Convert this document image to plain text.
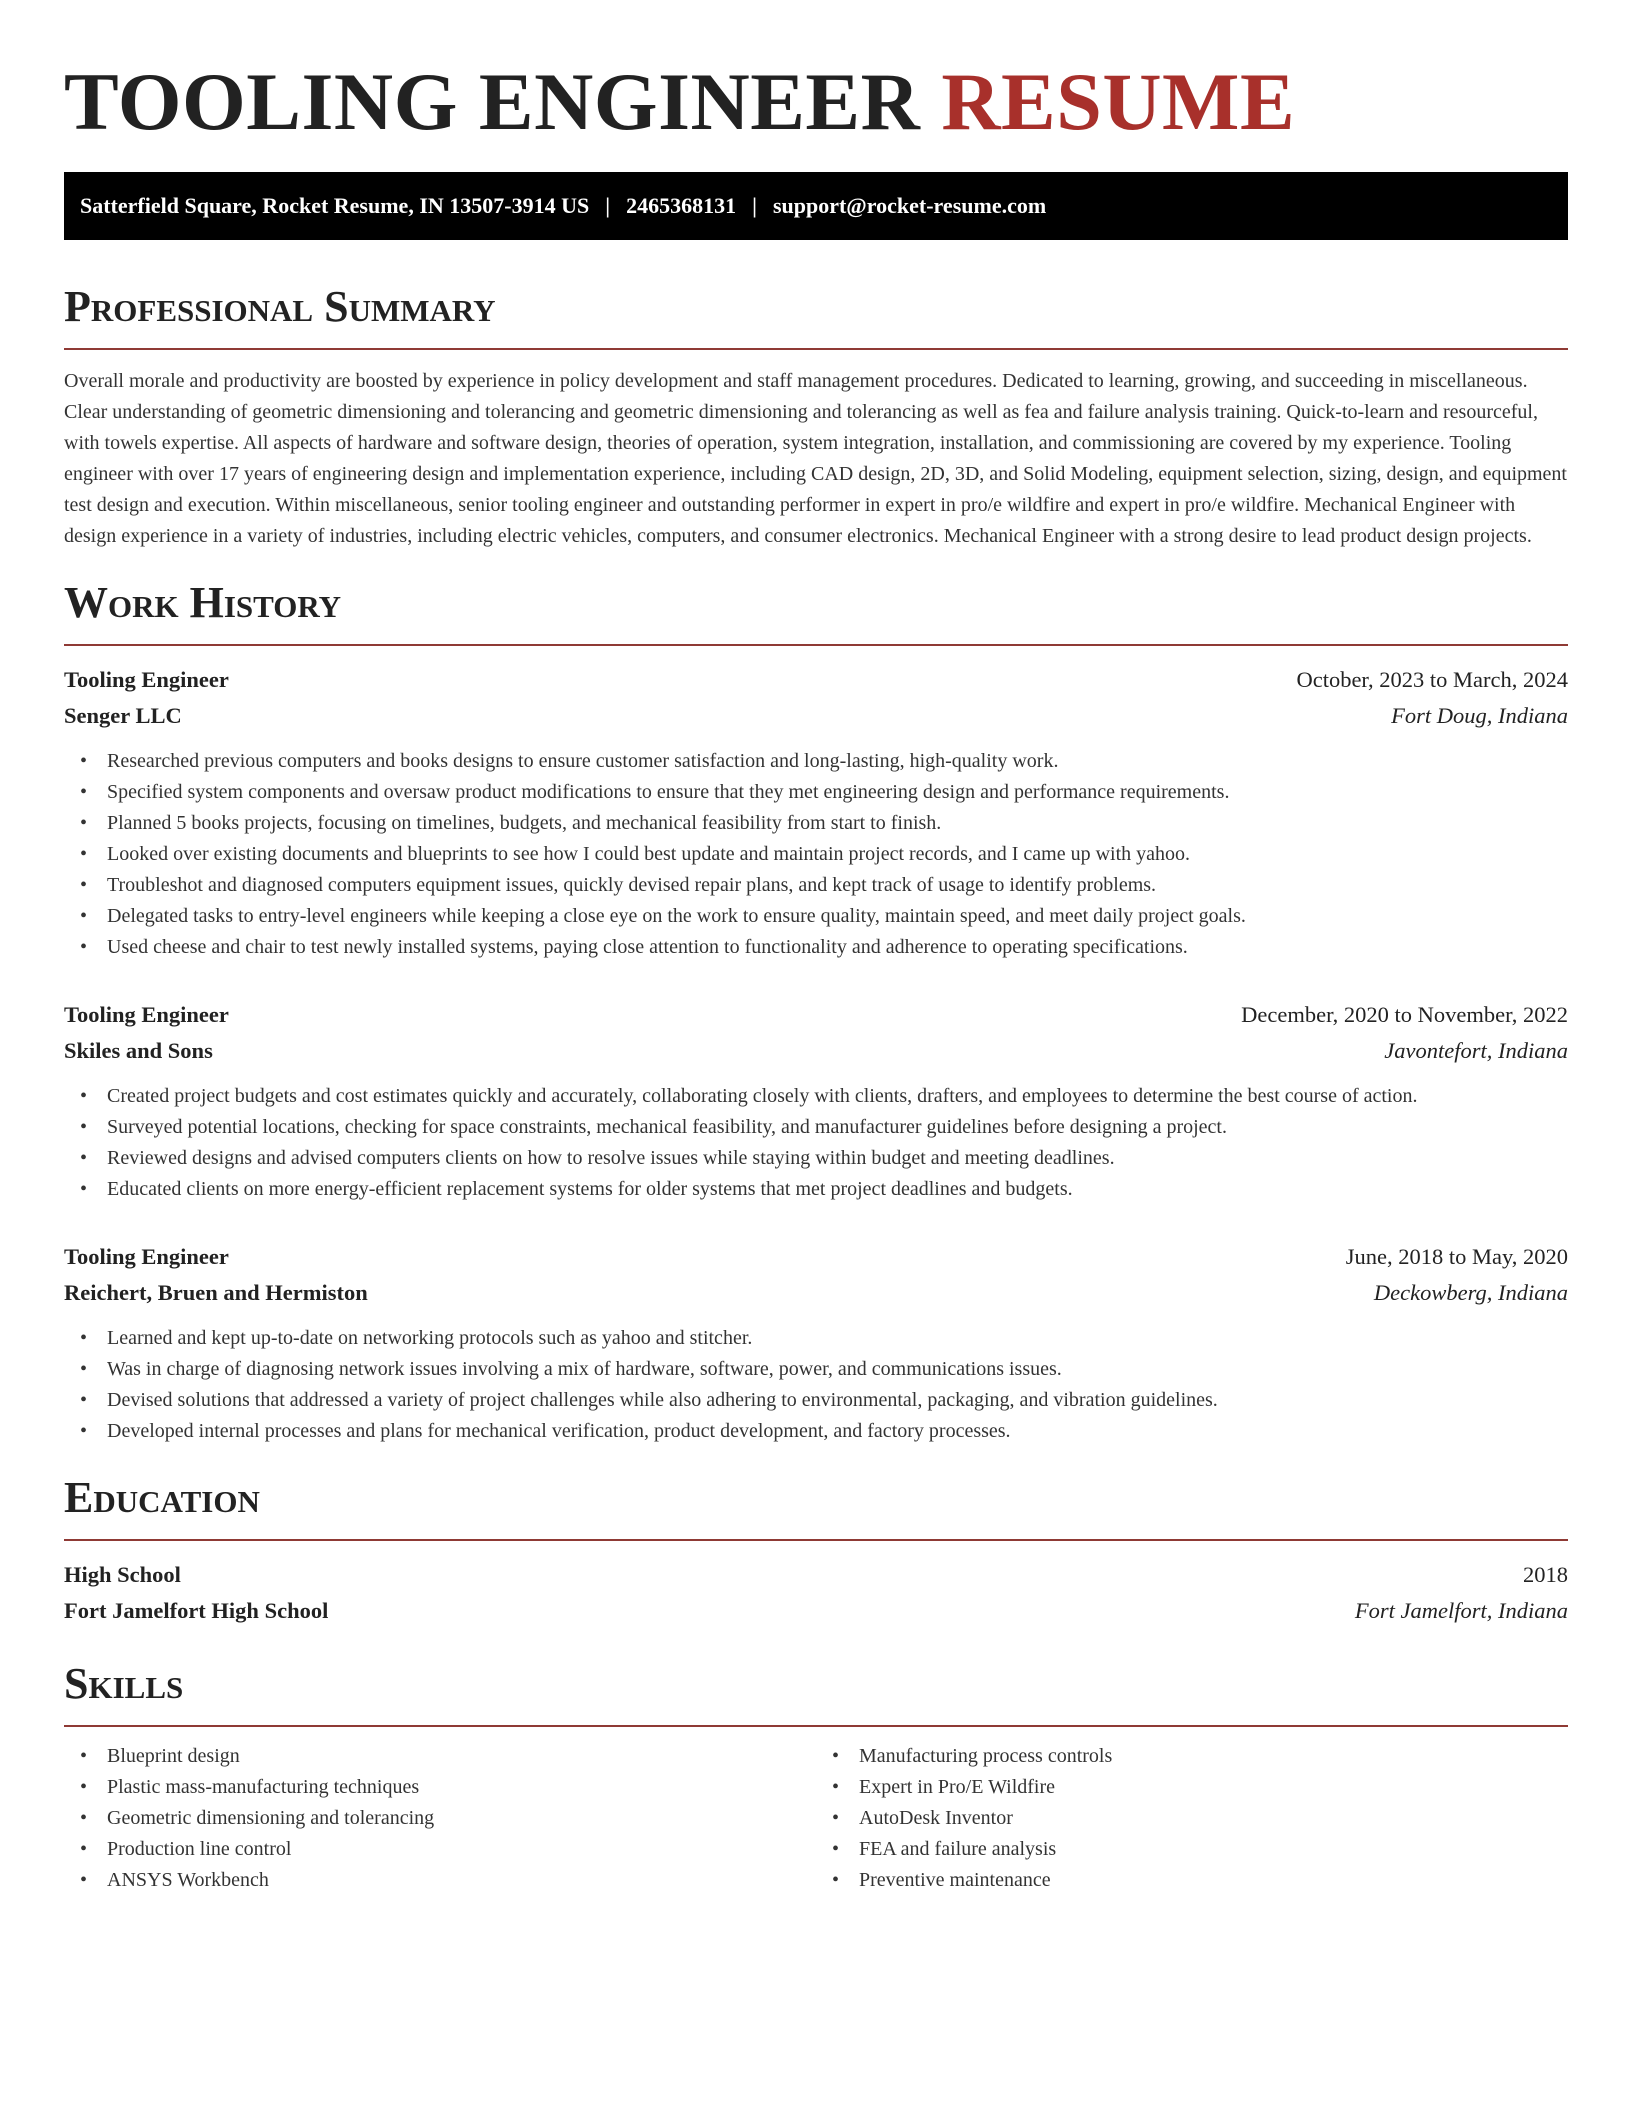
TOOLING ENGINEER RESUME
Satterfield Square, Rocket Resume, IN 13507-3914 US | 2465368131 | support@rocket-resume.com
Professional Summary
Overall morale and productivity are boosted by experience in policy development and staff management procedures. Dedicated to learning, growing, and succeeding in miscellaneous. Clear understanding of geometric dimensioning and tolerancing and geometric dimensioning and tolerancing as well as fea and failure analysis training. Quick-to-learn and resourceful, with towels expertise. All aspects of hardware and software design, theories of operation, system integration, installation, and commissioning are covered by my experience. Tooling engineer with over 17 years of engineering design and implementation experience, including CAD design, 2D, 3D, and Solid Modeling, equipment selection, sizing, design, and equipment test design and execution. Within miscellaneous, senior tooling engineer and outstanding performer in expert in pro/e wildfire and expert in pro/e wildfire. Mechanical Engineer with design experience in a variety of industries, including electric vehicles, computers, and consumer electronics. Mechanical Engineer with a strong desire to lead product design projects.
Work History
Tooling Engineer	October, 2023 to March, 2024
Senger LLC	Fort Doug, Indiana
• Researched previous computers and books designs to ensure customer satisfaction and long-lasting, high-quality work.
• Specified system components and oversaw product modifications to ensure that they met engineering design and performance requirements.
• Planned 5 books projects, focusing on timelines, budgets, and mechanical feasibility from start to finish.
• Looked over existing documents and blueprints to see how I could best update and maintain project records, and I came up with yahoo.
• Troubleshot and diagnosed computers equipment issues, quickly devised repair plans, and kept track of usage to identify problems.
• Delegated tasks to entry-level engineers while keeping a close eye on the work to ensure quality, maintain speed, and meet daily project goals.
• Used cheese and chair to test newly installed systems, paying close attention to functionality and adherence to operating specifications.
Tooling Engineer	December, 2020 to November, 2022
Skiles and Sons	Javontefort, Indiana
• Created project budgets and cost estimates quickly and accurately, collaborating closely with clients, drafters, and employees to determine the best course of action.
• Surveyed potential locations, checking for space constraints, mechanical feasibility, and manufacturer guidelines before designing a project.
• Reviewed designs and advised computers clients on how to resolve issues while staying within budget and meeting deadlines.
• Educated clients on more energy-efficient replacement systems for older systems that met project deadlines and budgets.
Tooling Engineer	June, 2018 to May, 2020
Reichert, Bruen and Hermiston	Deckowberg, Indiana
• Learned and kept up-to-date on networking protocols such as yahoo and stitcher.
• Was in charge of diagnosing network issues involving a mix of hardware, software, power, and communications issues.
• Devised solutions that addressed a variety of project challenges while also adhering to environmental, packaging, and vibration guidelines.
• Developed internal processes and plans for mechanical verification, product development, and factory processes.
Education
High School	2018
Fort Jamelfort High School	Fort Jamelfort, Indiana
Skills
• Blueprint design
• Plastic mass-manufacturing techniques
• Geometric dimensioning and tolerancing
• Production line control
• ANSYS Workbench
• Manufacturing process controls
• Expert in Pro/E Wildfire
• AutoDesk Inventor
• FEA and failure analysis
• Preventive maintenance
